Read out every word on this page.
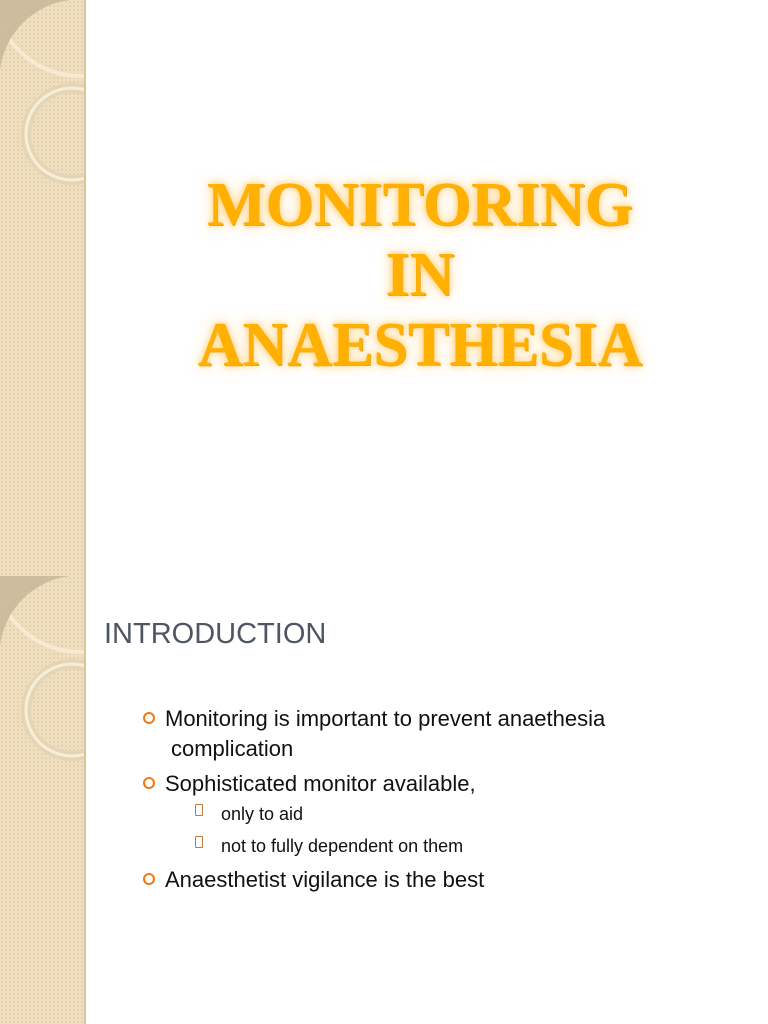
MONITORING
IN
ANAESTHESIA
INTRODUCTION
Monitoring is important to prevent anaethesia
complication
Sophisticated monitor available,
only to aid
not to fully dependent on them
Anaesthetist vigilance is the best
